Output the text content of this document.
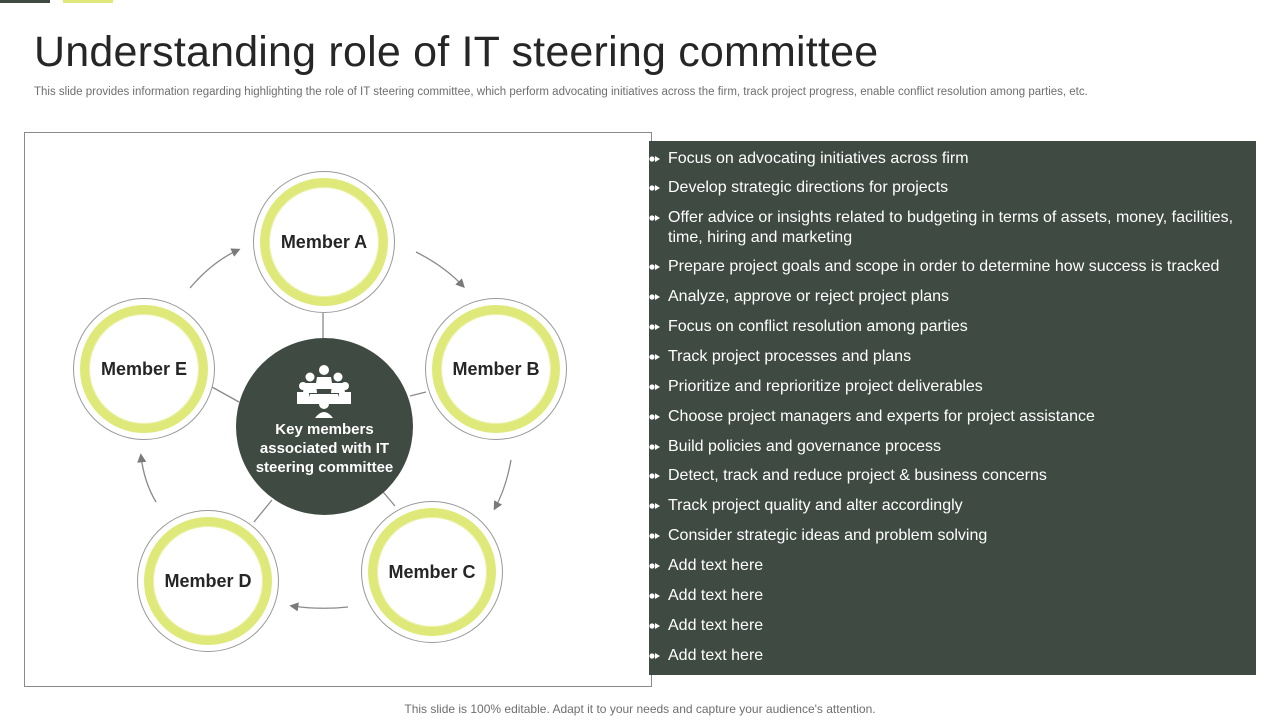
Understanding role of IT steering committee
This slide provides information regarding highlighting the role of IT steering committee, which perform advocating initiatives across the firm, track project progress, enable conflict resolution among parties, etc.
Member A
Member B
Member C
Member D
Member E
Key members associated with IT steering committee
Focus on advocating initiatives across firm
Develop strategic directions for projects
Offer advice or insights related to budgeting in terms of assets, money, facilities, time, hiring and marketing
Prepare project goals and scope in order to determine how success is tracked
Analyze, approve or reject project plans
Focus on conflict resolution among parties
Track project processes and plans
Prioritize and reprioritize project deliverables
Choose project managers and experts for project assistance
Build policies and governance process
Detect, track and reduce project & business concerns
Track project quality and alter accordingly
Consider strategic ideas and problem solving
Add text here
Add text here
Add text here
Add text here
This slide is 100% editable. Adapt it to your needs and capture your audience's attention.
